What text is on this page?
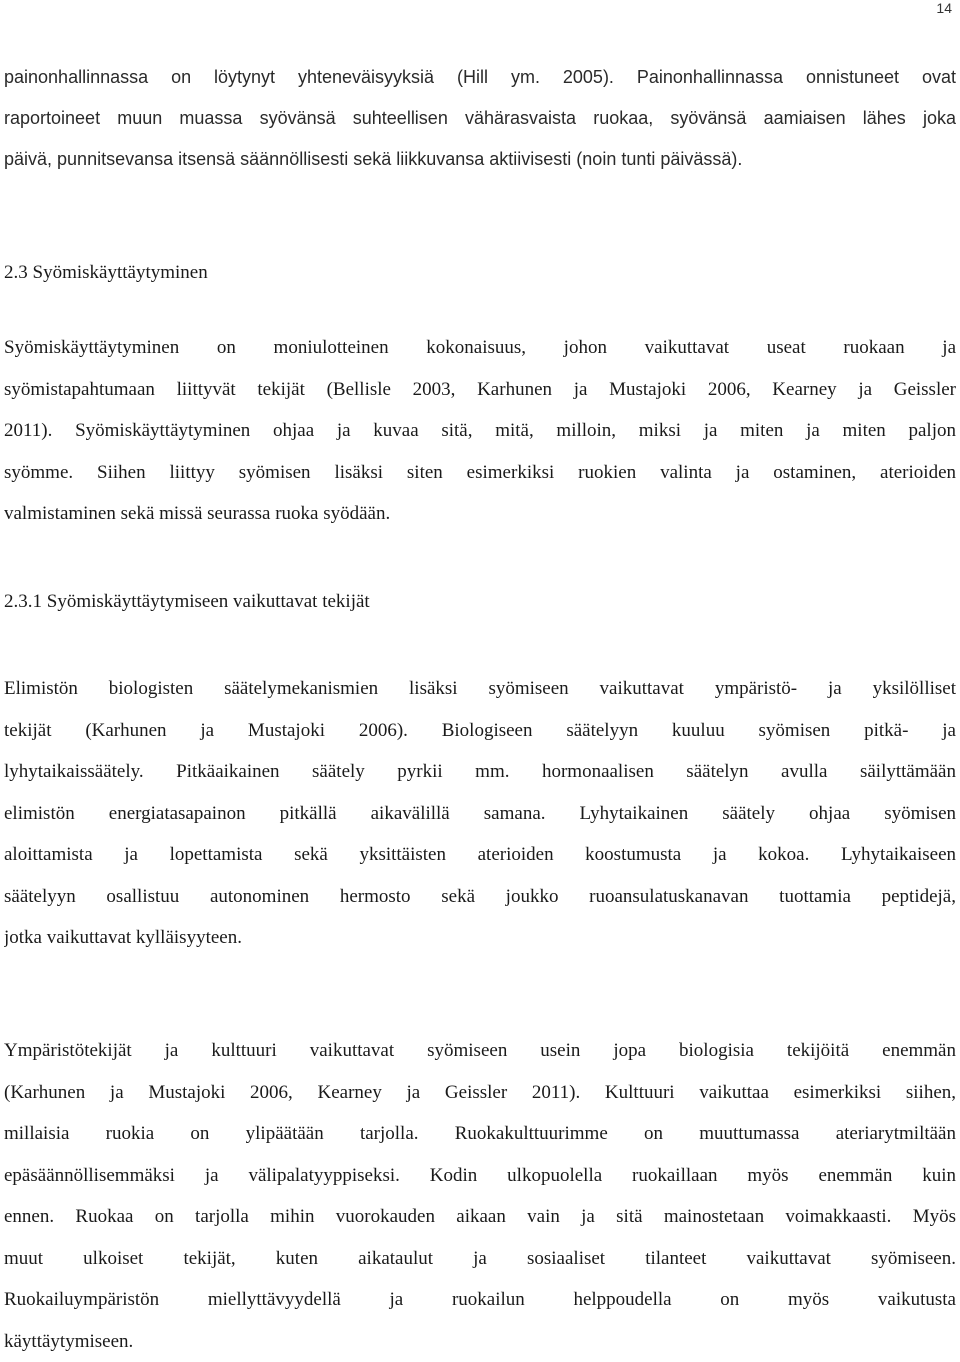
14
painonhallinnassa on löytynyt yhteneväisyyksiä (Hill ym. 2005). Painonhallinnassa onnistuneet ovat
raportoineet muun muassa syövänsä suhteellisen vähärasvaista ruokaa, syövänsä aamiaisen lähes joka
päivä, punnitsevansa itsensä säännöllisesti sekä liikkuvansa aktiivisesti (noin tunti päivässä).
2.3 Syömiskäyttäytyminen
Syömiskäyttäytyminen on moniulotteinen kokonaisuus, johon vaikuttavat useat ruokaan ja
syömistapahtumaan liittyvät tekijät (Bellisle 2003, Karhunen ja Mustajoki 2006, Kearney ja Geissler
2011). Syömiskäyttäytyminen ohjaa ja kuvaa sitä, mitä, milloin, miksi ja miten ja miten paljon
syömme. Siihen liittyy syömisen lisäksi siten esimerkiksi ruokien valinta ja ostaminen, aterioiden
valmistaminen sekä missä seurassa ruoka syödään.
2.3.1 Syömiskäyttäytymiseen vaikuttavat tekijät
Elimistön biologisten säätelymekanismien lisäksi syömiseen vaikuttavat ympäristö- ja yksilölliset
tekijät (Karhunen ja Mustajoki 2006). Biologiseen säätelyyn kuuluu syömisen pitkä- ja
lyhytaikaissäätely. Pitkäaikainen säätely pyrkii mm. hormonaalisen säätelyn avulla säilyttämään
elimistön energiatasapainon pitkällä aikavälillä samana. Lyhytaikainen säätely ohjaa syömisen
aloittamista ja lopettamista sekä yksittäisten aterioiden koostumusta ja kokoa. Lyhytaikaiseen
säätelyyn osallistuu autonominen hermosto sekä joukko ruoansulatuskanavan tuottamia peptidejä,
jotka vaikuttavat kylläisyyteen.
Ympäristötekijät ja kulttuuri vaikuttavat syömiseen usein jopa biologisia tekijöitä enemmän
(Karhunen ja Mustajoki 2006, Kearney ja Geissler 2011). Kulttuuri vaikuttaa esimerkiksi siihen,
millaisia ruokia on ylipäätään tarjolla. Ruokakulttuurimme on muuttumassa ateriarytmiltään
epäsäännöllisemmäksi ja välipalatyyppiseksi. Kodin ulkopuolella ruokaillaan myös enemmän kuin
ennen. Ruokaa on tarjolla mihin vuorokauden aikaan vain ja sitä mainostetaan voimakkaasti. Myös
muut ulkoiset tekijät, kuten aikataulut ja sosiaaliset tilanteet vaikuttavat syömiseen.
Ruokailuympäristön miellyttävyydellä ja ruokailun helppoudella on myös vaikutusta
käyttäytymiseen.
